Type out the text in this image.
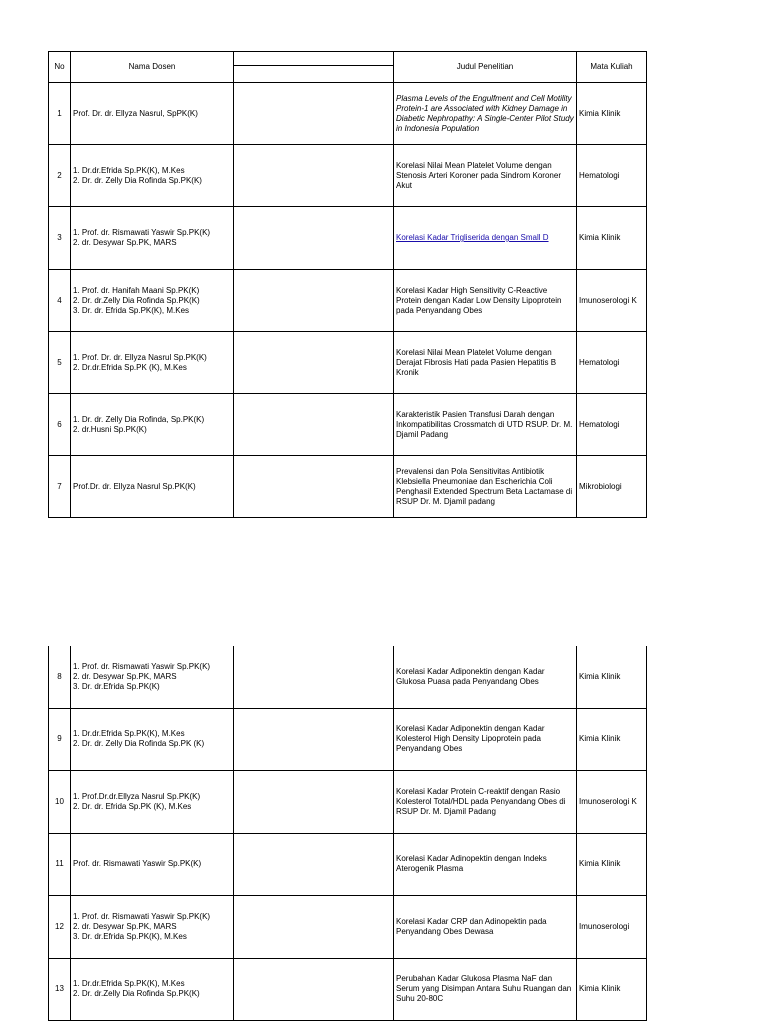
No	Nama Dosen		Judul Penelitian	Mata Kuliah
1	Prof. Dr. dr. Ellyza Nasrul, SpPK(K)		Plasma Levels of the Engulfment and Cell Motility Protein-1 are Associated with Kidney Damage in Diabetic Nephropathy: A Single-Center Pilot Study in Indonesia Population	Kimia Klinik
2	1. Dr.dr.Efrida Sp.PK(K), M.Kes
2. Dr. dr. Zelly Dia Rofinda Sp.PK(K)		Korelasi Nilai Mean Platelet Volume dengan Stenosis Arteri Koroner pada Sindrom Koroner Akut	Hematologi
3	1. Prof. dr. Rismawati Yaswir Sp.PK(K)
2. dr. Desywar Sp.PK, MARS		Korelasi Kadar Trigliserida dengan Small D	Kimia Klinik
4	1. Prof. dr. Hanifah Maani Sp.PK(K)
2. Dr. dr.Zelly Dia Rofinda Sp.PK(K)
3. Dr. dr. Efrida Sp.PK(K), M.Kes		Korelasi Kadar High Sensitivity C-Reactive Protein dengan Kadar Low Density Lipoprotein pada Penyandang Obes	Imunoserologi K
5	1. Prof. Dr. dr. Ellyza Nasrul Sp.PK(K)
2. Dr.dr.Efrida Sp.PK (K), M.Kes		Korelasi Nilai Mean Platelet Volume dengan Derajat Fibrosis Hati pada Pasien Hepatitis B Kronik	Hematologi
6	1. Dr. dr. Zelly Dia Rofinda, Sp.PK(K)
2. dr.Husni Sp.PK(K)		Karakteristik Pasien Transfusi Darah dengan Inkompatibilitas Crossmatch di UTD RSUP. Dr. M. Djamil Padang	Hematologi
7	Prof.Dr. dr. Ellyza Nasrul Sp.PK(K)		Prevalensi dan Pola Sensitivitas Antibiotik Klebsiella Pneumoniae dan Escherichia Coli Penghasil Extended Spectrum Beta Lactamase di RSUP Dr. M. Djamil padang	Mikrobiologi
8	1. Prof. dr. Rismawati Yaswir Sp.PK(K)
2. dr. Desywar Sp.PK, MARS
3. Dr. dr.Efrida Sp.PK(K)		Korelasi Kadar Adiponektin dengan Kadar Glukosa Puasa pada Penyandang Obes	Kimia Klinik
9	1. Dr.dr.Efrida Sp.PK(K), M.Kes
2. Dr. dr. Zelly Dia Rofinda Sp.PK (K)		Korelasi Kadar Adiponektin dengan Kadar Kolesterol High Density Lipoprotein pada Penyandang Obes	Kimia Klinik
10	1. Prof.Dr.dr.Ellyza Nasrul Sp.PK(K)
2. Dr. dr. Efrida Sp.PK (K), M.Kes		Korelasi Kadar Protein C-reaktif dengan Rasio Kolesterol Total/HDL pada Penyandang Obes di RSUP Dr. M. Djamil Padang	Imunoserologi K
11	Prof. dr. Rismawati Yaswir Sp.PK(K)		Korelasi Kadar Adinopektin dengan Indeks Aterogenik Plasma	Kimia Klinik
12	1. Prof. dr. Rismawati Yaswir Sp.PK(K)
2. dr. Desywar Sp.PK, MARS
3. Dr. dr.Efrida Sp.PK(K), M.Kes		Korelasi Kadar CRP dan Adinopektin pada Penyandang Obes Dewasa	Imunoserologi
13	1. Dr.dr.Efrida Sp.PK(K), M.Kes
2. Dr. dr.Zelly Dia Rofinda Sp.PK(K)		Perubahan Kadar Glukosa Plasma NaF dan Serum yang Disimpan Antara Suhu Ruangan dan Suhu 20-80C	Kimia Klinik
